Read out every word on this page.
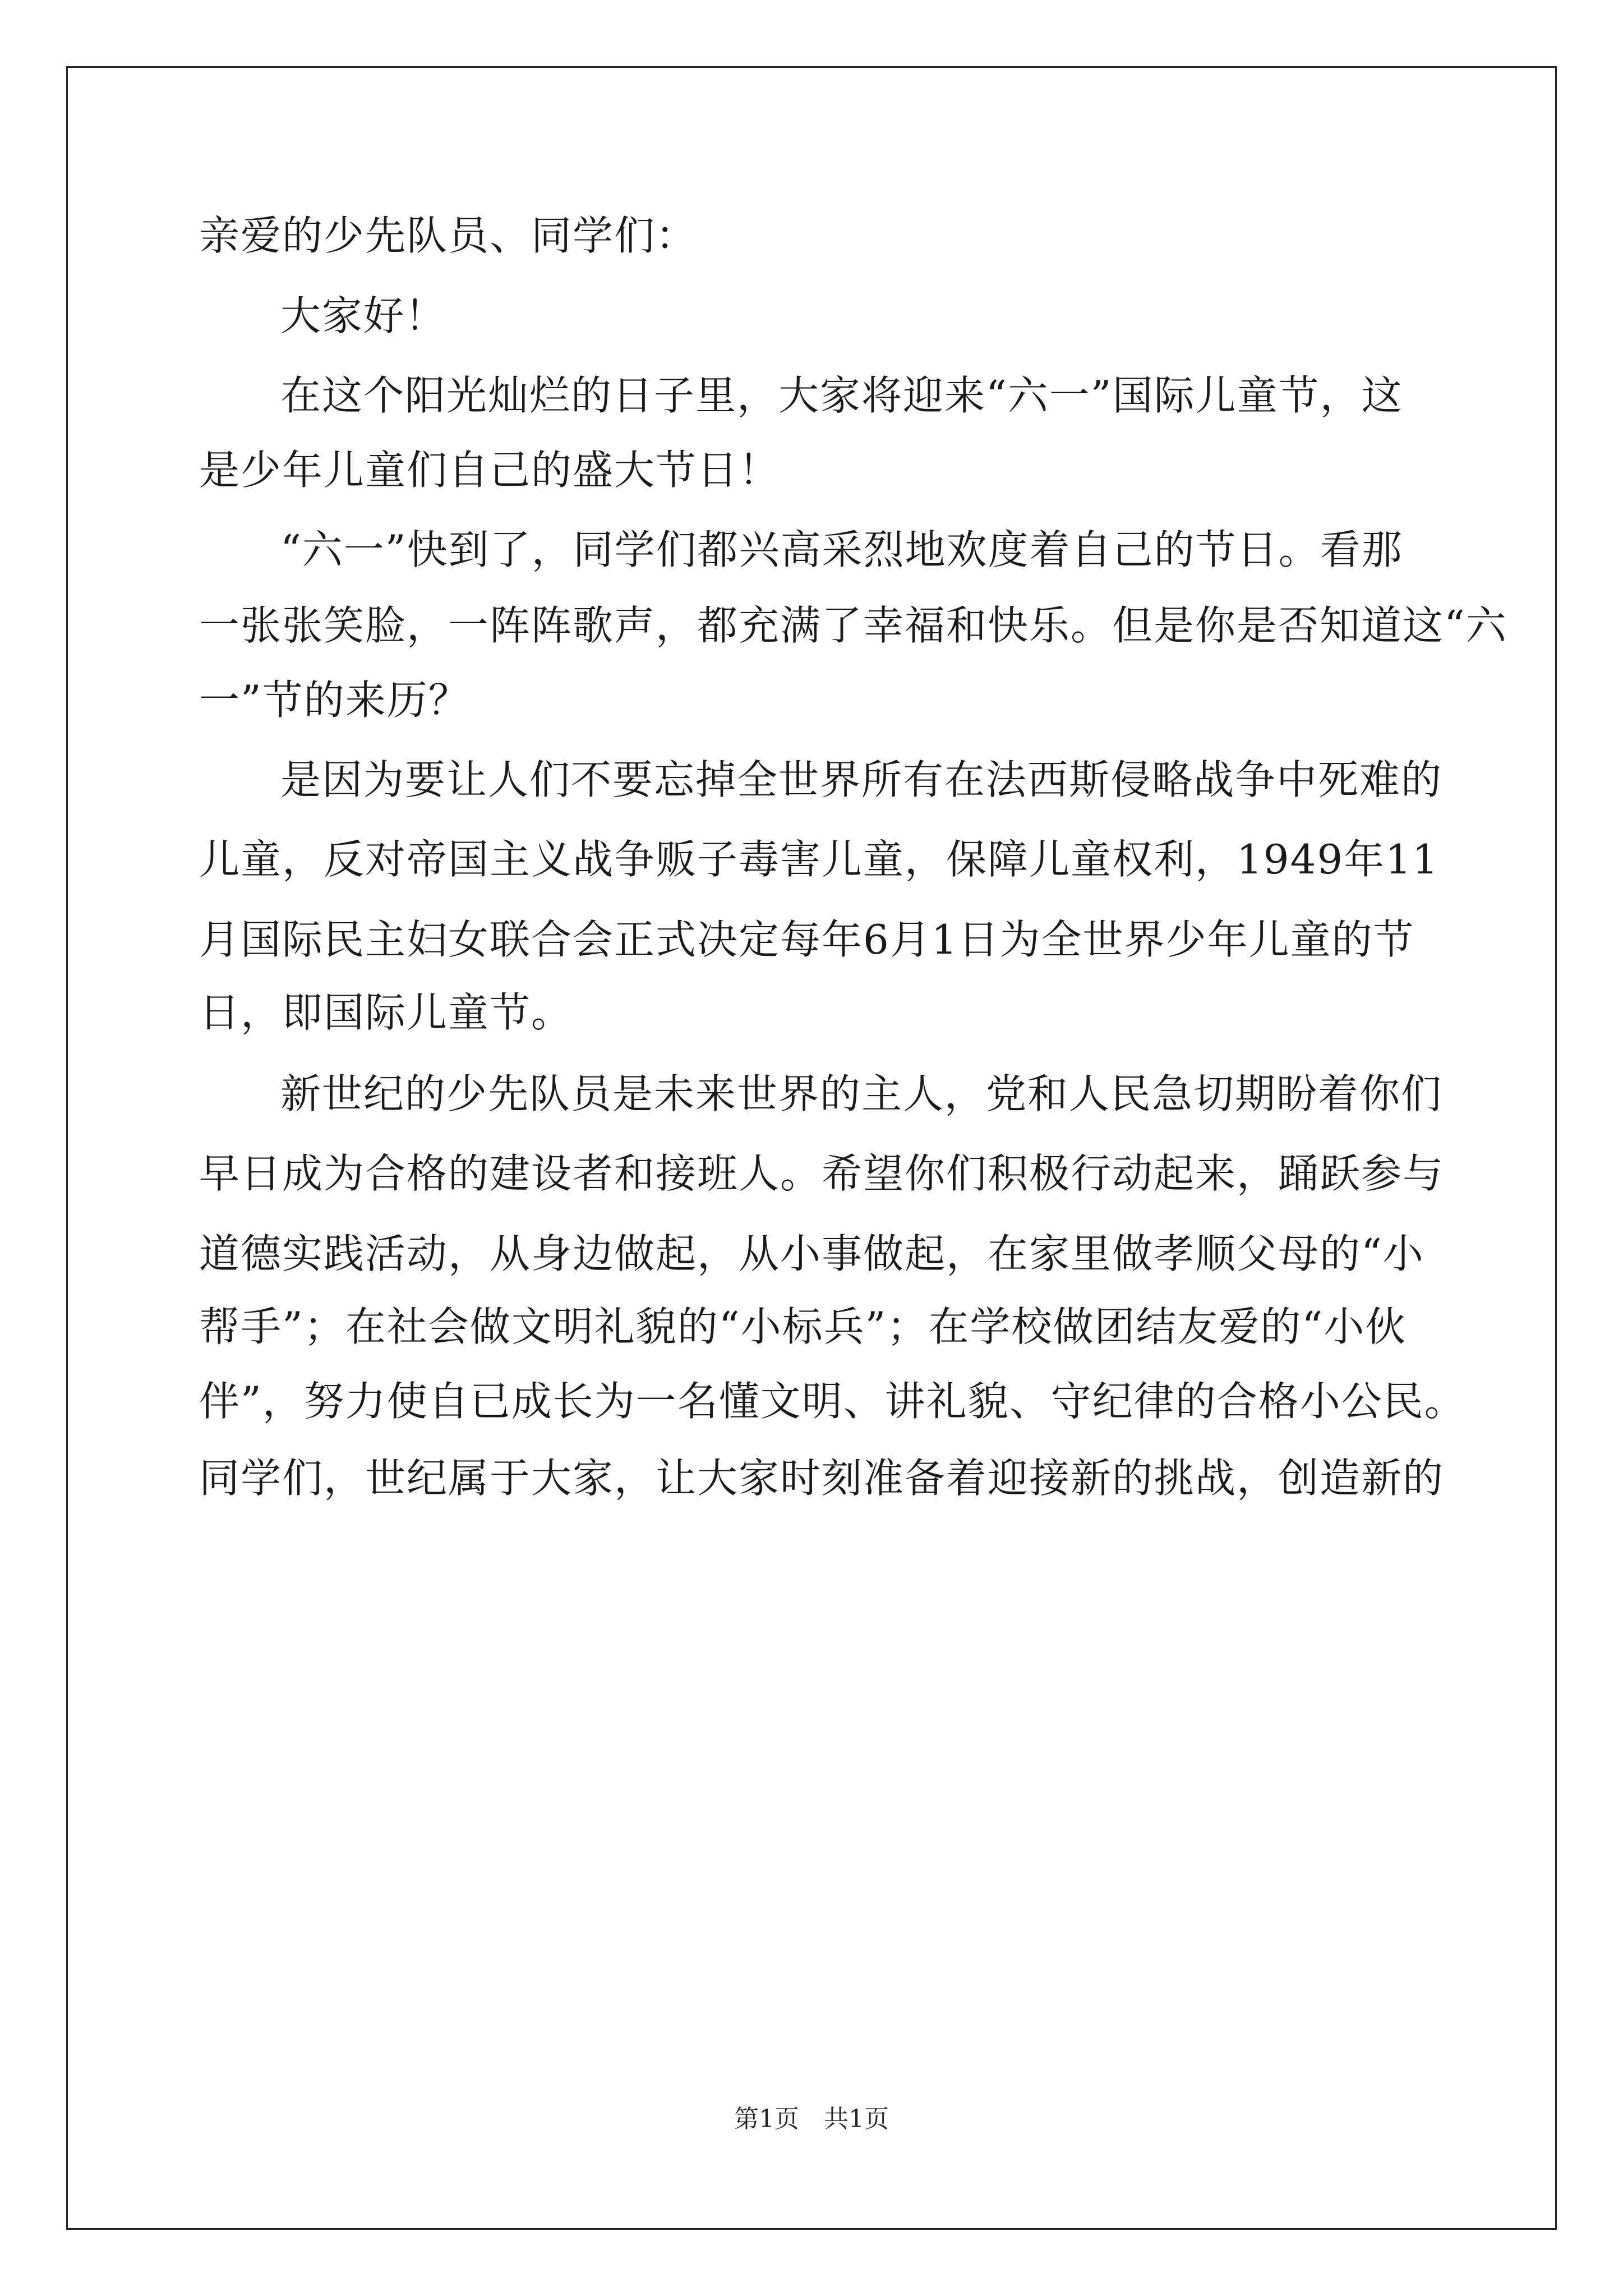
亲爱的少先队员、同学们：
大家好！
在这个阳光灿烂的日子里，大家将迎来“六一”国际儿童节，这
是少年儿童们自己的盛大节日！
“六一”快到了，同学们都兴高采烈地欢度着自己的节日。看那
一张张笑脸，一阵阵歌声，都充满了幸福和快乐。但是你是否知道这“六
一”节的来历？
是因为要让人们不要忘掉全世界所有在法西斯侵略战争中死难的
儿童，反对帝国主义战争贩子毒害儿童，保障儿童权利，1949年11
月国际民主妇女联合会正式决定每年6月1日为全世界少年儿童的节
日，即国际儿童节。
新世纪的少先队员是未来世界的主人，党和人民急切期盼着你们
早日成为合格的建设者和接班人。希望你们积极行动起来，踊跃参与
道德实践活动，从身边做起，从小事做起，在家里做孝顺父母的“小
帮手”；在社会做文明礼貌的“小标兵”；在学校做团结友爱的“小伙
伴”，努力使自已成长为一名懂文明、讲礼貌、守纪律的合格小公民。
同学们，世纪属于大家，让大家时刻准备着迎接新的挑战，创造新的
第1页　共1页
